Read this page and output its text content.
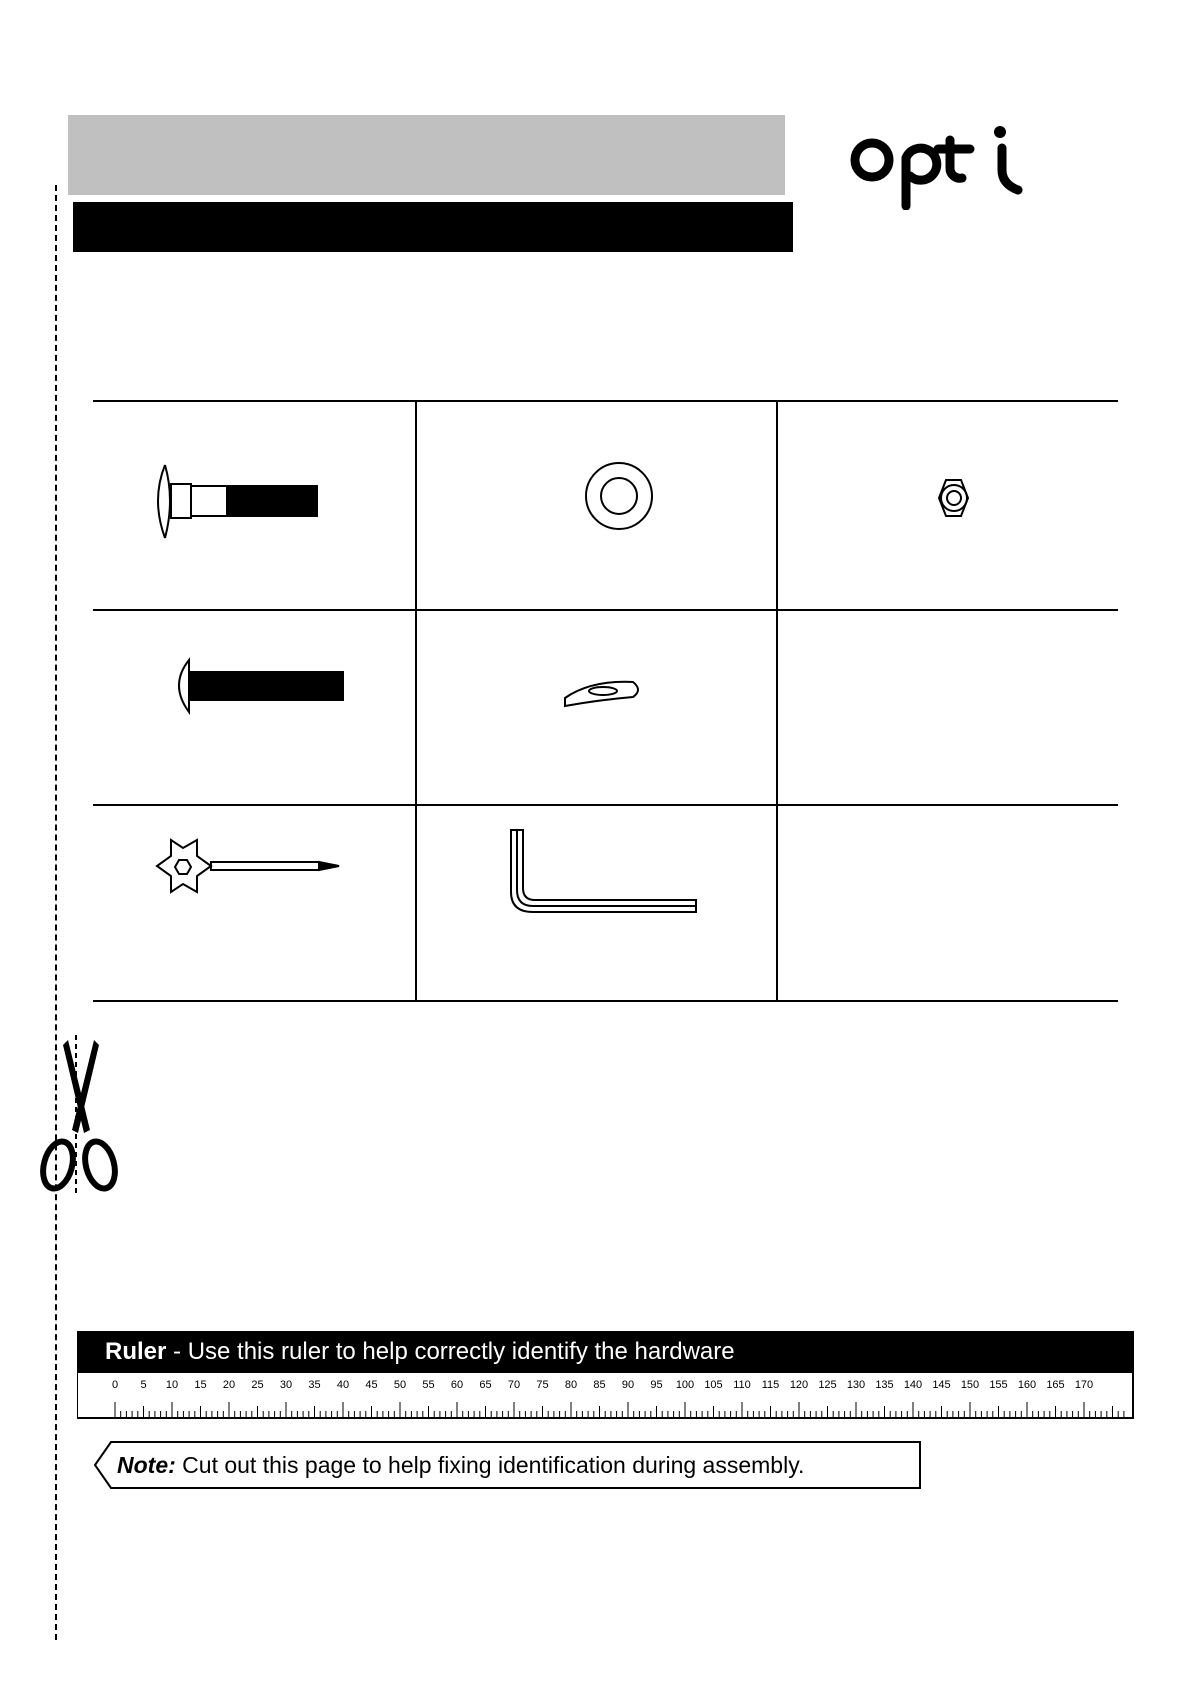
Ruler - Use this ruler to help correctly identify the hardware
0 5 10 15 20 25 30 35 40 45 50 55 60 65 70 75 80 85 90 95 100 105 110 115 120 125 130 135 140 145 150 155 160 165 170
Note: Cut out this page to help fixing identification during assembly.
